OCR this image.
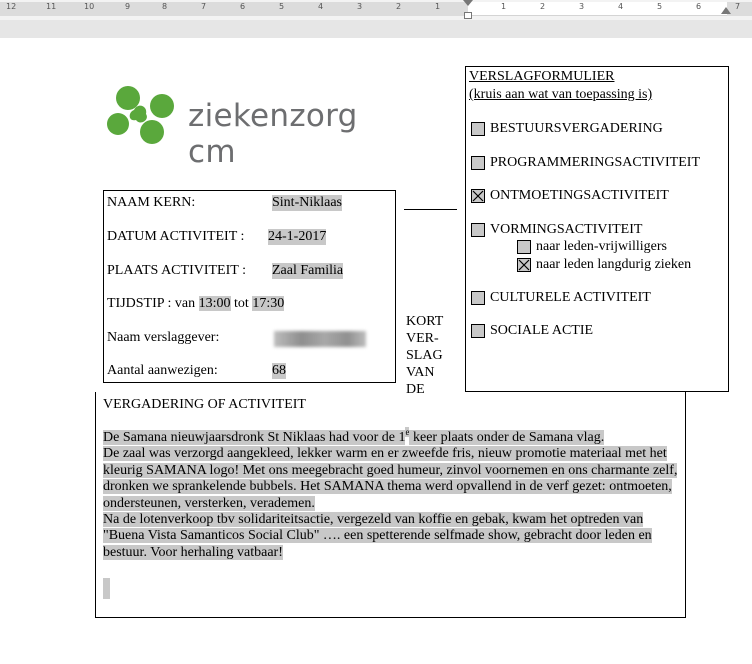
12	11	10	9	8	7	6	5	4	3	2	1	1	2	3	4	5	6	7
ziekenzorg cm
NAAM KERN:	Sint-Niklaas
DATUM ACTIVITEIT : 24-1-2017
PLAATS ACTIVITEIT : Zaal Familia
TIJDSTIP : van 13:00 tot 17:30
Naam verslaggever:
Aantal aanwezigen:	68
KORT
VER-
SLAG
VAN
DE
VERSLAGFORMULIER
(kruis aan wat van toepassing is)
BESTUURSVERGADERING
PROGRAMMERINGSACTIVITEIT
ONTMOETINGSACTIVITEIT
VORMINGSACTIVITEIT
naar leden-vrijwilligers
naar leden langdurig zieken
CULTURELE ACTIVITEIT
SOCIALE ACTIE
VERGADERING OF ACTIVITEIT

De Samana nieuwjaarsdronk St Niklaas had voor de 1e keer plaats onder de Samana vlag.

De zaal was verzorgd aangekleed, lekker warm en er zweefde fris, nieuw promotie materiaal met het kleurig SAMANA logo! Met ons meegebracht goed humeur, zinvol voornemen en ons charmante zelf, dronken we sprankelende bubbels. Het SAMANA thema werd opvallend in de verf gezet: ontmoeten, ondersteunen, versterken, verademen.

Na de lotenverkoop tbv solidariteitsactie, vergezeld van koffie en gebak, kwam het optreden van "Buena Vista Samanticos Social Club" …. een spetterende selfmade show, gebracht door leden en bestuur. Voor herhaling vatbaar!
